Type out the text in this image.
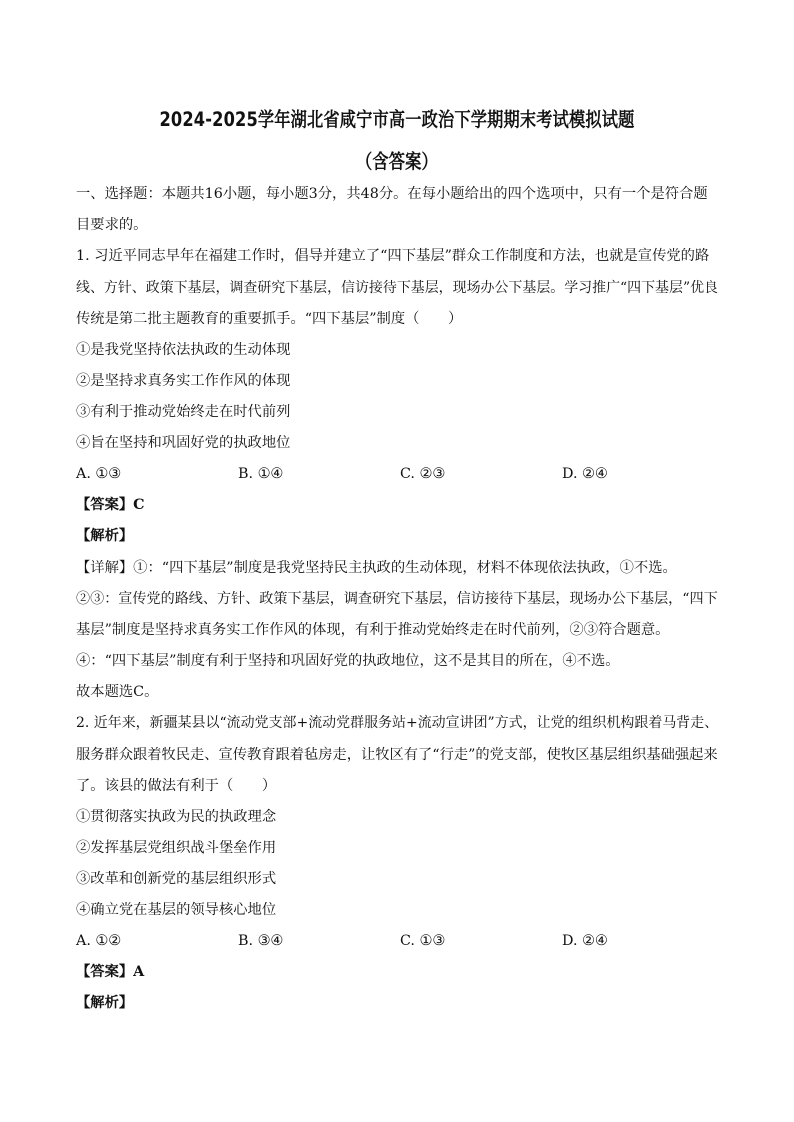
2024-2025学年湖北省咸宁市高一政治下学期期末考试模拟试题
（含答案）
一、选择题：本题共16小题，每小题3分，共48分。在每小题给出的四个选项中，只有一个是符合题
目要求的。
1. 习近平同志早年在福建工作时，倡导并建立了“四下基层”群众工作制度和方法，也就是宣传党的路
线、方针、政策下基层，调查研究下基层，信访接待下基层，现场办公下基层。学习推广“四下基层”优良
传统是第二批主题教育的重要抓手。“四下基层”制度（　　）
①是我党坚持依法执政的生动体现
②是坚持求真务实工作作风的体现
③有利于推动党始终走在时代前列
④旨在坚持和巩固好党的执政地位
A. ①③	B. ①④	C. ②③	D. ②④
【答案】C
【解析】
【详解】①：“四下基层”制度是我党坚持民主执政的生动体现，材料不体现依法执政，①不选。
②③：宣传党的路线、方针、政策下基层，调查研究下基层，信访接待下基层，现场办公下基层，“四下
基层”制度是坚持求真务实工作作风的体现，有利于推动党始终走在时代前列，②③符合题意。
④：“四下基层”制度有利于坚持和巩固好党的执政地位，这不是其目的所在，④不选。
故本题选C。
2. 近年来，新疆某县以“流动党支部+流动党群服务站+流动宣讲团”方式，让党的组织机构跟着马背走、
服务群众跟着牧民走、宣传教育跟着毡房走，让牧区有了“行走”的党支部，使牧区基层组织基础强起来
了。该县的做法有利于（　　）
①贯彻落实执政为民的执政理念
②发挥基层党组织战斗堡垒作用
③改革和创新党的基层组织形式
④确立党在基层的领导核心地位
A. ①②	B. ③④	C. ①③	D. ②④
【答案】A
【解析】
